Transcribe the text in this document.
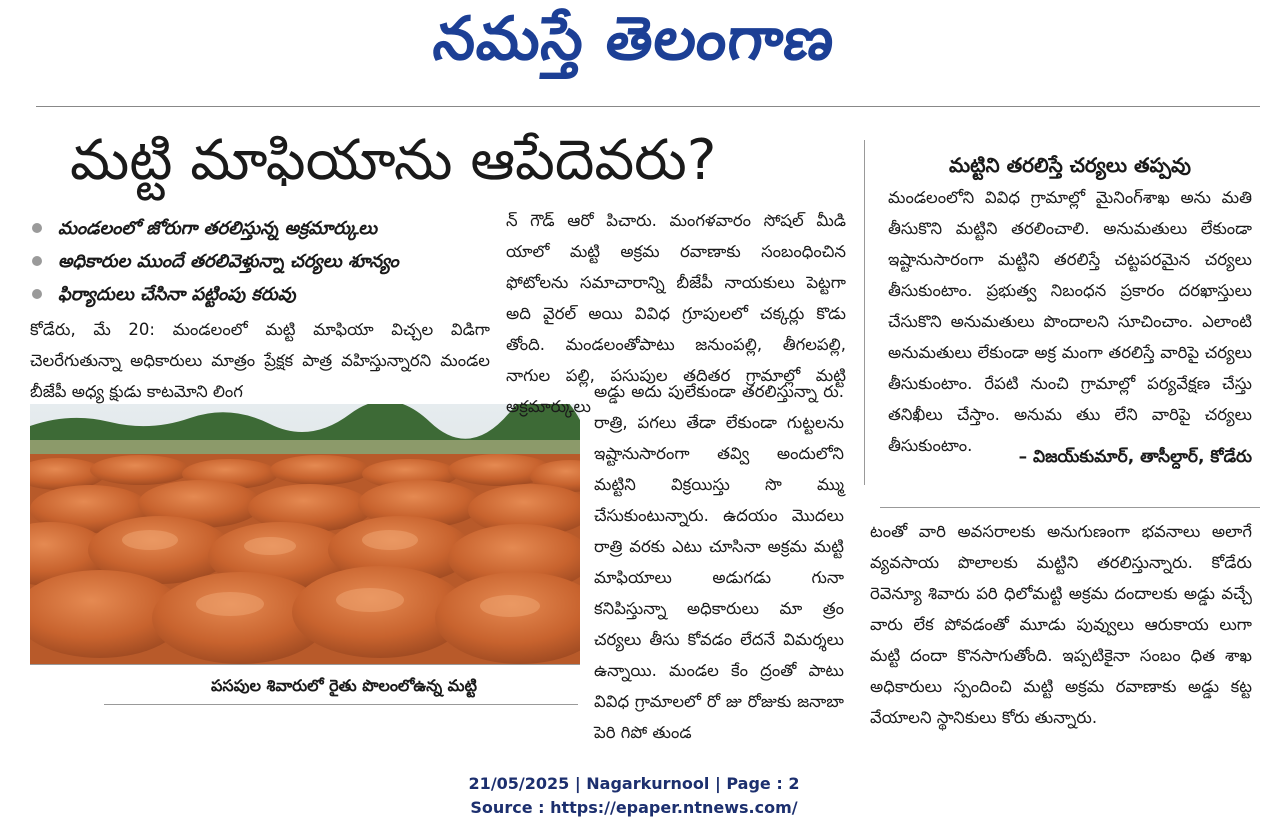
నమస్తే తెలంగాణ
మట్టి మాఫియాను ఆపేదెవరు?
మండలంలో జోరుగా తరలిస్తున్న అక్రమార్కులు
అధికారుల ముందే తరలివెళ్తున్నా చర్యలు శూన్యం
ఫిర్యాదులు చేసినా పట్టింపు కరువు
కోడేరు, మే 20: మండలంలో మట్టి మాఫియా విచ్చల విడిగా చెలరేగుతున్నా అధికారులు మాత్రం ప్రేక్షక పాత్ర వహిస్తున్నారని మండల బీజేపీ అధ్య క్షుడు కాటమోని లింగ
పసపుల శివారులో రైతు పొలంలోఉన్న మట్టి
న్ గౌడ్ ఆరో పిచారు. మంగళవారం సోషల్ మీడి యాలో మట్టి అక్రమ రవాణాకు సంబంధించిన ఫోటోలను సమాచారాన్ని బీజేపీ నాయకులు పెట్టగా అది వైరల్ అయి వివిధ గ్రూపులలో చక్కర్లు కొడు తోంది. మండలంతోపాటు జనుంపల్లి, తీగలపల్లి, నాగుల పల్లి, పసుపుల తదితర గ్రామాల్లో మట్టి అక్రమార్కులు
అడ్డు అదు పులేకుండా తరలిస్తున్నా రు. రాత్రి, పగలు తేడా లేకుండా గుట్టలను ఇష్టానుసారంగా తవ్వి అందులోని మట్టిని విక్రయిస్తు సొ మ్ము చేసుకుంటున్నారు. ఉదయం మొదలు రాత్రి వరకు ఎటు చూసినా అక్రమ మట్టి మాఫియాలు అడుగడు గునా కనిపిస్తున్నా అధికారులు మా త్రం చర్యలు తీసు కోవడం లేదనే విమర్శలు ఉన్నాయి. మండల కేం ద్రంతో పాటు వివిధ గ్రామాలలో రో జు రోజుకు జనాబా పెరి గిపో తుండ
మట్టిని తరలిస్తే చర్యలు తప్పవు
మండలంలోని వివిధ గ్రామాల్లో మైనింగ్‌శాఖ అను మతి తీసుకొని మట్టిని తరలించాలి. అనుమతులు లేకుండా ఇష్టానుసారంగా మట్టిని తరలిస్తే చట్టపరమైన చర్యలు తీసుకుంటాం. ప్రభుత్వ నిబంధన ప్రకారం దరఖాస్తులు చేసుకొని అనుమతులు పొందాలని సూచించాం. ఎలాంటి అనుమతులు లేకుండా అక్ర మంగా తరలిస్తే వారిపై చర్యలు తీసుకుంటాం. రేపటి నుంచి గ్రామాల్లో పర్యవేక్షణ చేస్తు తనిఖీలు చేస్తాం. అనుమ తుు లేని వారిపై చర్యలు తీసుకుంటాం.
– విజయ్‌కుమార్, తాసీల్దార్, కోడేరు
టంతో వారి అవసరాలకు అనుగుణంగా భవనాలు అలాగే వ్యవసాయ పొలాలకు మట్టిని తరలిస్తున్నారు. కోడేరు రెవెన్యూ శివారు పరి ధిలోమట్టి అక్రమ దందాలకు అడ్డు వచ్చే వారు లేక పోవడంతో మూడు పువ్వులు ఆరుకాయ లుగా మట్టి దందా కొనసాగుతోంది. ఇప్పటికైనా సంబం ధిత శాఖ అధికారులు స్పందించి మట్టి అక్రమ రవాణాకు అడ్డు కట్ట వేయాలని స్థానికులు కోరు తున్నారు.
21/05/2025 | Nagarkurnool | Page : 2
Source : https://epaper.ntnews.com/
